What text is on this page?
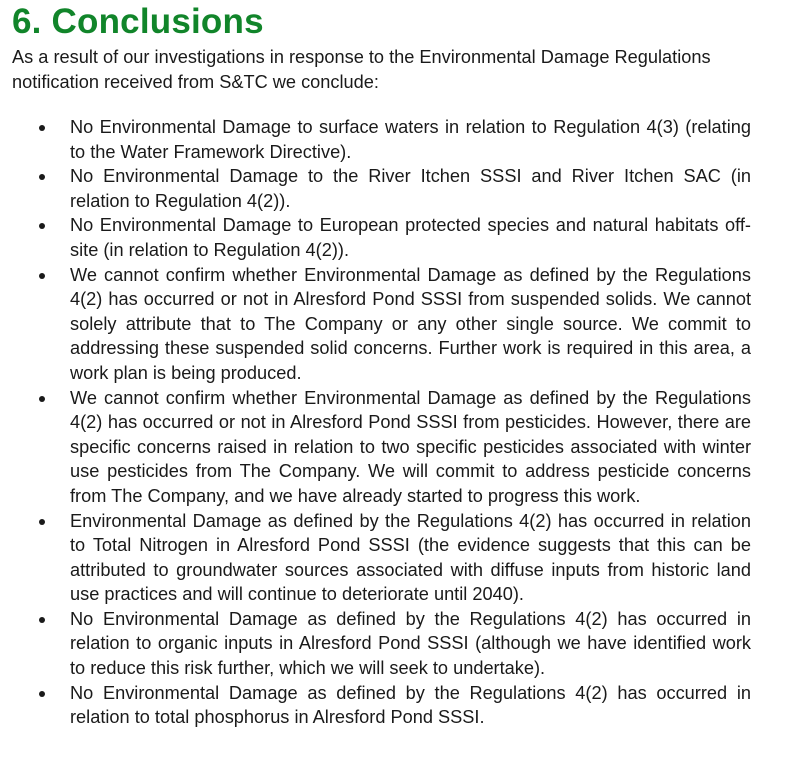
6. Conclusions

As a result of our investigations in response to the Environmental Damage Regulations notification received from S&TC we conclude:

No Environmental Damage to surface waters in relation to Regulation 4(3) (relating to the Water Framework Directive).
No Environmental Damage to the River Itchen SSSI and River Itchen SAC (in relation to Regulation 4(2)).
No Environmental Damage to European protected species and natural habitats off-site (in relation to Regulation 4(2)).
We cannot confirm whether Environmental Damage as defined by the Regulations 4(2) has occurred or not in Alresford Pond SSSI from suspended solids. We cannot solely attribute that to The Company or any other single source. We commit to addressing these suspended solid concerns. Further work is required in this area, a work plan is being produced.
We cannot confirm whether Environmental Damage as defined by the Regulations 4(2) has occurred or not in Alresford Pond SSSI from pesticides. However, there are specific concerns raised in relation to two specific pesticides associated with winter use pesticides from The Company. We will commit to address pesticide concerns from The Company, and we have already started to progress this work.
Environmental Damage as defined by the Regulations 4(2) has occurred in relation to Total Nitrogen in Alresford Pond SSSI (the evidence suggests that this can be attributed to groundwater sources associated with diffuse inputs from historic land use practices and will continue to deteriorate until 2040).
No Environmental Damage as defined by the Regulations 4(2) has occurred in relation to organic inputs in Alresford Pond SSSI (although we have identified work to reduce this risk further, which we will seek to undertake).
No Environmental Damage as defined by the Regulations 4(2) has occurred in relation to total phosphorus in Alresford Pond SSSI.
